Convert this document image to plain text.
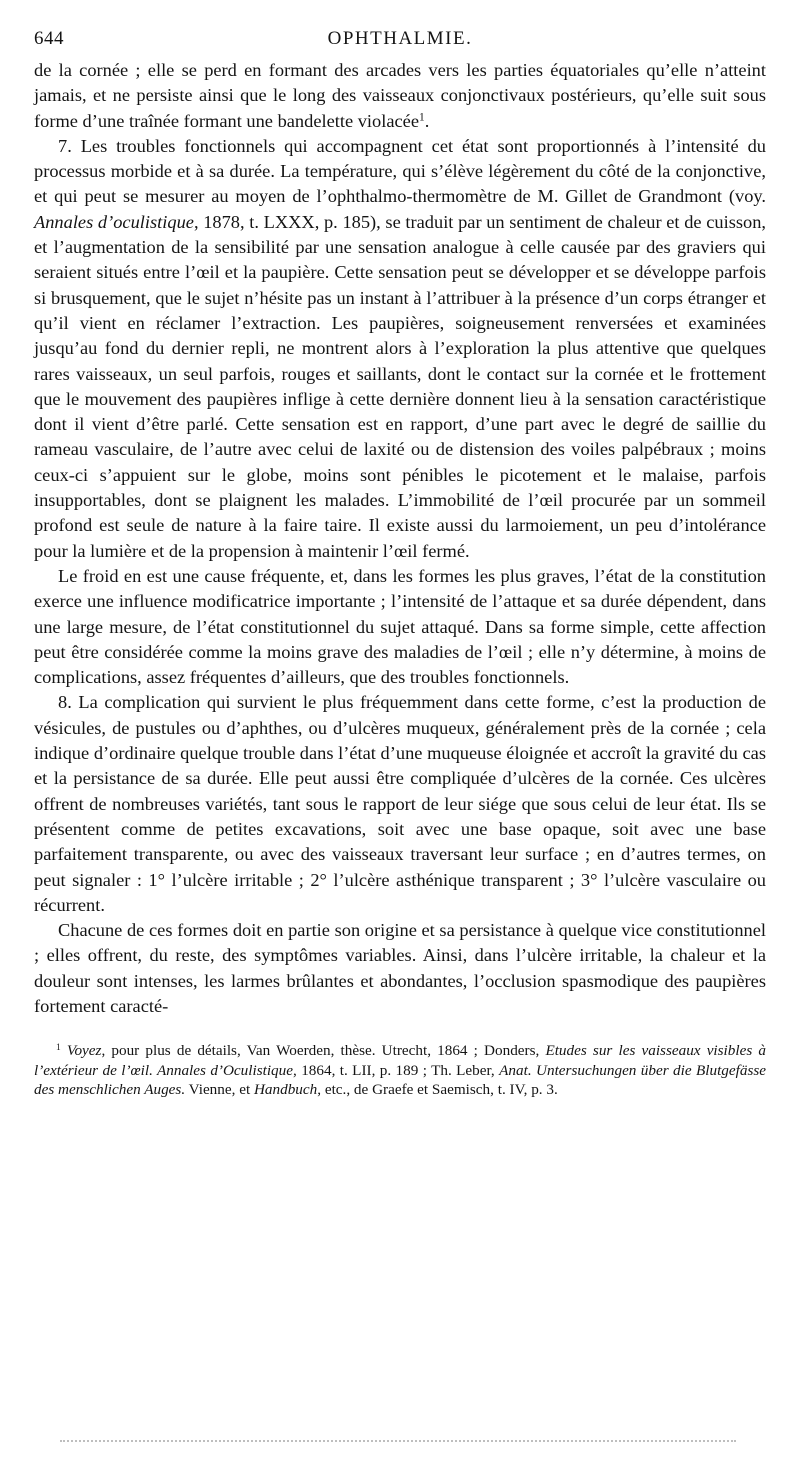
644	OPHTHALMIE.

de la cornée ; elle se perd en formant des arcades vers les parties équatoriales qu’elle n’atteint jamais, et ne persiste ainsi que le long des vaisseaux conjonctivaux postérieurs, qu’elle suit sous forme d’une traînée formant une bandelette violacée$^1$.

7. Les troubles fonctionnels qui accompagnent cet état sont proportionnés à l’intensité du processus morbide et à sa durée. La température, qui s’élève légèrement du côté de la conjonctive, et qui peut se mesurer au moyen de l’ophthalmo-thermomètre de M. Gillet de Grandmont (voy. Annales d’oculistique, 1878, t. LXXX, p. 185), se traduit par un sentiment de chaleur et de cuisson, et l’augmentation de la sensibilité par une sensation analogue à celle causée par des graviers qui seraient situés entre l’œil et la paupière. Cette sensation peut se développer et se développe parfois si brusquement, que le sujet n’hésite pas un instant à l’attribuer à la présence d’un corps étranger et qu’il vient en réclamer l’extraction. Les paupières, soigneusement renversées et examinées jusqu’au fond du dernier repli, ne montrent alors à l’exploration la plus attentive que quelques rares vaisseaux, un seul parfois, rouges et saillants, dont le contact sur la cornée et le frottement que le mouvement des paupières inflige à cette dernière donnent lieu à la sensation caractéristique dont il vient d’être parlé. Cette sensation est en rapport, d’une part avec le degré de saillie du rameau vasculaire, de l’autre avec celui de laxité ou de distension des voiles palpébraux ; moins ceux-ci s’appuient sur le globe, moins sont pénibles le picotement et le malaise, parfois insupportables, dont se plaignent les malades. L’immobilité de l’œil procurée par un sommeil profond est seule de nature à la faire taire. Il existe aussi du larmoiement, un peu d’intolérance pour la lumière et de la propension à maintenir l’œil fermé.

Le froid en est une cause fréquente, et, dans les formes les plus graves, l’état de la constitution exerce une influence modificatrice importante ; l’intensité de l’attaque et sa durée dépendent, dans une large mesure, de l’état constitutionnel du sujet attaqué. Dans sa forme simple, cette affection peut être considérée comme la moins grave des maladies de l’œil ; elle n’y détermine, à moins de complications, assez fréquentes d’ailleurs, que des troubles fonctionnels.

8. La complication qui survient le plus fréquemment dans cette forme, c’est la production de vésicules, de pustules ou d’aphthes, ou d’ulcères muqueux, généralement près de la cornée ; cela indique d’ordinaire quelque trouble dans l’état d’une muqueuse éloignée et accroît la gravité du cas et la persistance de sa durée. Elle peut aussi être compliquée d’ulcères de la cornée. Ces ulcères offrent de nombreuses variétés, tant sous le rapport de leur siége que sous celui de leur état. Ils se présentent comme de petites excavations, soit avec une base opaque, soit avec une base parfaitement transparente, ou avec des vaisseaux traversant leur surface ; en d’autres termes, on peut signaler : 1° l’ulcère irritable ; 2° l’ulcère asthénique transparent ; 3° l’ulcère vasculaire ou récurrent.

Chacune de ces formes doit en partie son origine et sa persistance à quelque vice constitutionnel ; elles offrent, du reste, des symptômes variables. Ainsi, dans l’ulcère irritable, la chaleur et la douleur sont intenses, les larmes brûlantes et abondantes, l’occlusion spasmodique des paupières fortement caracté-

$^1$ Voyez, pour plus de détails, Van Woerden, thèse. Utrecht, 1864 ; Donders, Etudes sur les vaisseaux visibles à l’extérieur de l’œil. Annales d’Oculistique, 1864, t. LII, p. 189 ; Th. Leber, Anat. Untersuchungen über die Blutgefässe des menschlichen Auges. Vienne, et Handbuch, etc., de Graefe et Saemisch, t. IV, p. 3.
